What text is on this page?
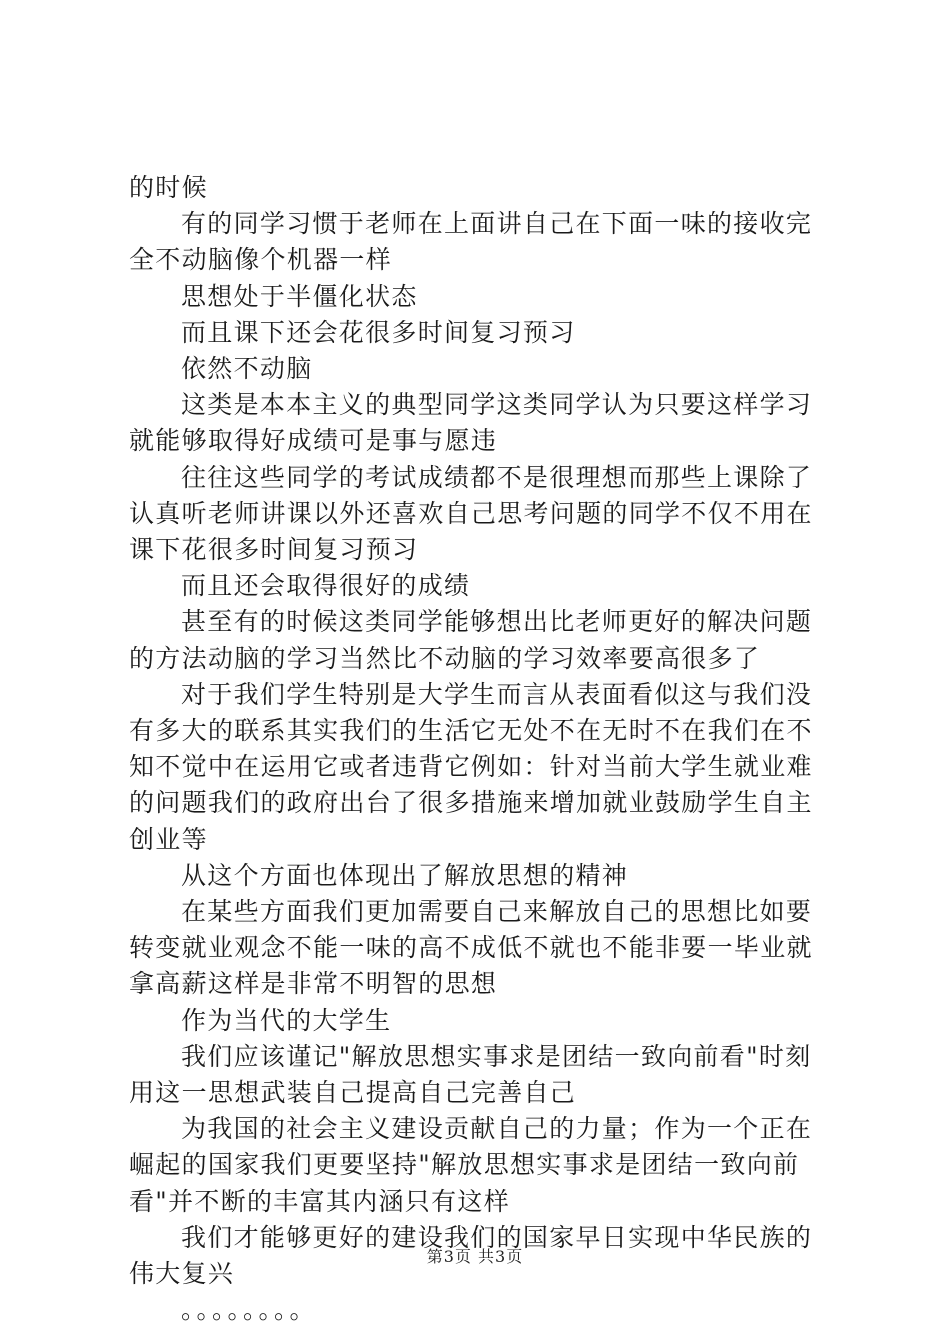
的时候

有的同学习惯于老师在上面讲自己在下面一味的接收完全不动脑像个机器一样

思想处于半僵化状态

而且课下还会花很多时间复习预习

依然不动脑

这类是本本主义的典型同学这类同学认为只要这样学习就能够取得好成绩可是事与愿违

往往这些同学的考试成绩都不是很理想而那些上课除了认真听老师讲课以外还喜欢自己思考问题的同学不仅不用在课下花很多时间复习预习

而且还会取得很好的成绩

甚至有的时候这类同学能够想出比老师更好的解决问题的方法动脑的学习当然比不动脑的学习效率要高很多了

对于我们学生特别是大学生而言从表面看似这与我们没有多大的联系其实我们的生活它无处不在无时不在我们在不知不觉中在运用它或者违背它例如：针对当前大学生就业难的问题我们的政府出台了很多措施来增加就业鼓励学生自主创业等

从这个方面也体现出了解放思想的精神

在某些方面我们更加需要自己来解放自己的思想比如要转变就业观念不能一味的高不成低不就也不能非要一毕业就拿高薪这样是非常不明智的思想

作为当代的大学生

我们应该谨记"解放思想实事求是团结一致向前看"时刻用这一思想武装自己提高自己完善自己

为我国的社会主义建设贡献自己的力量；作为一个正在崛起的国家我们更要坚持"解放思想实事求是团结一致向前看"并不断的丰富其内涵只有这样

我们才能够更好的建设我们的国家早日实现中华民族的伟大复兴

。。。。。。。。

第3页 共3页
